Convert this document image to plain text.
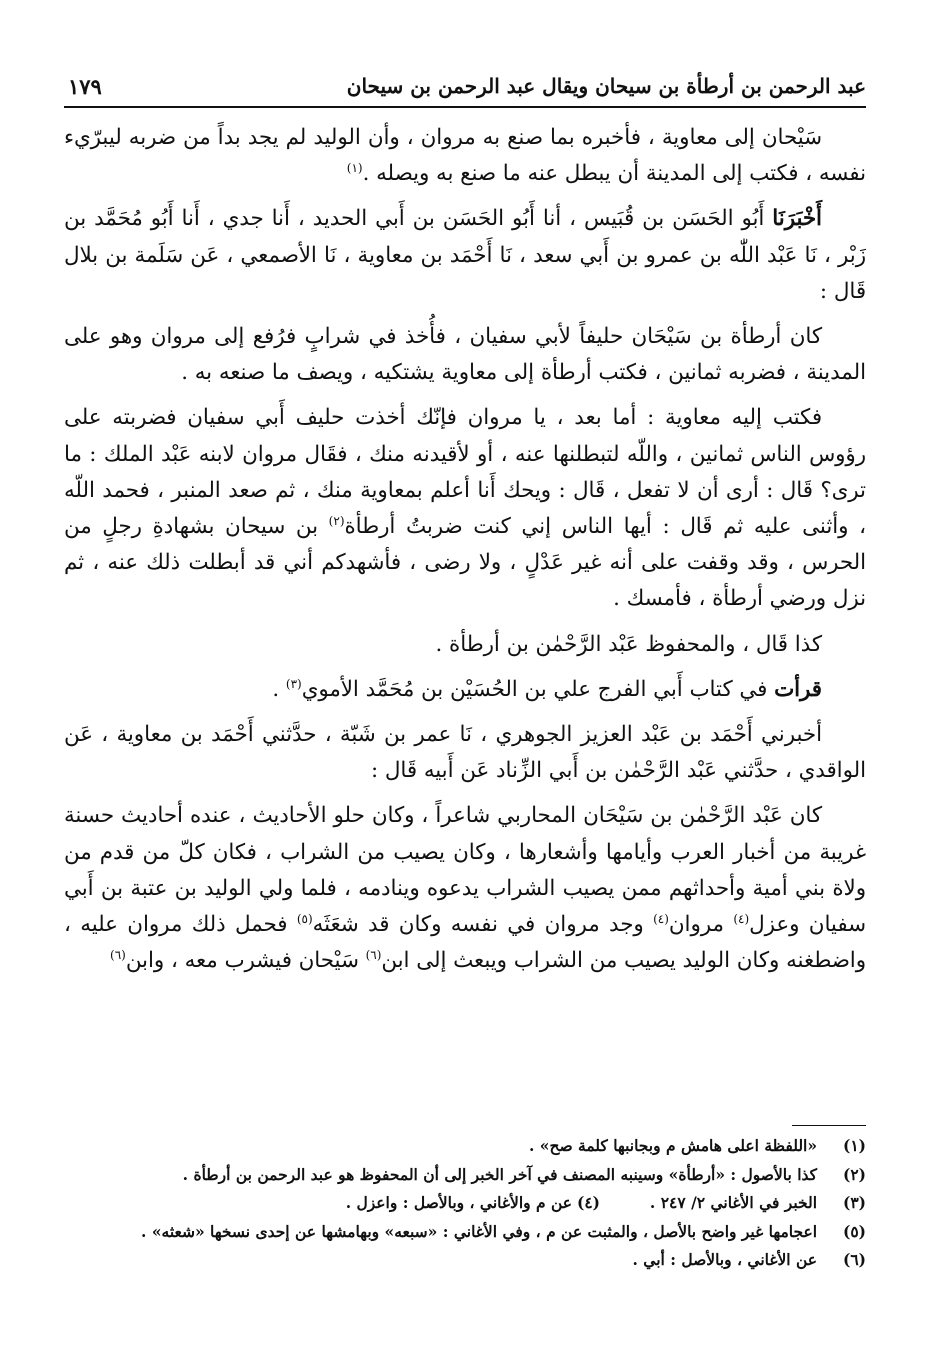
عبد الرحمن بن أرطأة بن سيحان ويقال عبد الرحمن بن سيحان
١٧٩

سَيْحان إلى معاوية ، فأخبره بما صنع به مروان ، وأن الوليد لم يجد بداً من ضربه ليبرّيء نفسه ، فكتب إلى المدينة أن يبطل عنه ما صنع به ويصله .$^{(١)}$

أَخْبَرَنَا أَبُو الحَسَن بن قُبَيس ، أنا أَبُو الحَسَن بن أَبي الحديد ، أَنا جدي ، أَنا أَبُو مُحَمَّد بن زَبْر ، نَا عَبْد اللّٰه بن عمرو بن أَبي سعد ، نَا أَحْمَد بن معاوية ، نَا الأصمعي ، عَن سَلَمة بن بلال قَال :

كان أرطأة بن سَيْحَان حليفاً لأبي سفيان ، فأُخذ في شرابٍ فرُفع إلى مروان وهو على المدينة ، فضربه ثمانين ، فكتب أرطأة إلى معاوية يشتكيه ، ويصف ما صنعه به .

فكتب إليه معاوية : أما بعد ، يا مروان فإنّك أخذت حليف أَبي سفيان فضربته على رؤوس الناس ثمانين ، واللّه لتبطلنها عنه ، أو لأقيدنه منك ، فقَال مروان لابنه عَبْد الملك : ما ترى؟ قَال : أرى أن لا تفعل ، قَال : ويحك أَنا أعلم بمعاوية منك ، ثم صعد المنبر ، فحمد اللّه ، وأثنى عليه ثم قَال : أيها الناس إني كنت ضربتُ أرطأة$^{(٢)}$ بن سيحان بشهادةِ رجلٍ من الحرس ، وقد وقفت على أنه غير عَدْلٍ ، ولا رضى ، فأشهدكم أني قد أبطلت ذلك عنه ، ثم نزل ورضي أرطأة ، فأمسك .

كذا قَال ، والمحفوظ عَبْد الرَّحْمٰن بن أرطأة .

قرأت في كتاب أَبي الفرج علي بن الحُسَيْن بن مُحَمَّد الأموي$^{(٣)}$ .

أخبرني أَحْمَد بن عَبْد العزيز الجوهري ، نَا عمر بن شَبّة ، حدَّثني أَحْمَد بن معاوية ، عَن الواقدي ، حدَّثني عَبْد الرَّحْمٰن بن أَبي الزِّناد عَن أَبيه قَال :

كان عَبْد الرَّحْمٰن بن سَيْحَان المحاربي شاعراً ، وكان حلو الأحاديث ، عنده أحاديث حسنة غريبة من أخبار العرب وأيامها وأشعارها ، وكان يصيب من الشراب ، فكان كلّ من قدم من ولاة بني أمية وأحداثهم ممن يصيب الشراب يدعوه وينادمه ، فلما ولي الوليد بن عتبة بن أَبي سفيان وعزل$^{(٤)}$ مروان$^{(٤)}$ وجد مروان في نفسه وكان قد شعَثَه$^{(٥)}$ فحمل ذلك مروان عليه ، واضطغنه وكان الوليد يصيب من الشراب ويبعث إلى ابن$^{(٦)}$ سَيْحان فيشرب معه ، وابن$^{(٦)}$

(١) «اللفظة اعلى هامش م وبجانبها كلمة صح» .
(٢) كذا بالأصول : «أرطأة» وسينبه المصنف في آخر الخبر إلى أن المحفوظ هو عبد الرحمن بن أرطأة .
(٣) الخبر في الأغاني ٢/ ٢٤٧ .  (٤) عن م والأغاني ، وبالأصل : واعزل .
(٥) اعجامها غير واضح بالأصل ، والمثبت عن م ، وفي الأغاني : «سبعه» وبهامشها عن إحدى نسخها «شعثه» .
(٦) عن الأغاني ، وبالأصل : أبي .
